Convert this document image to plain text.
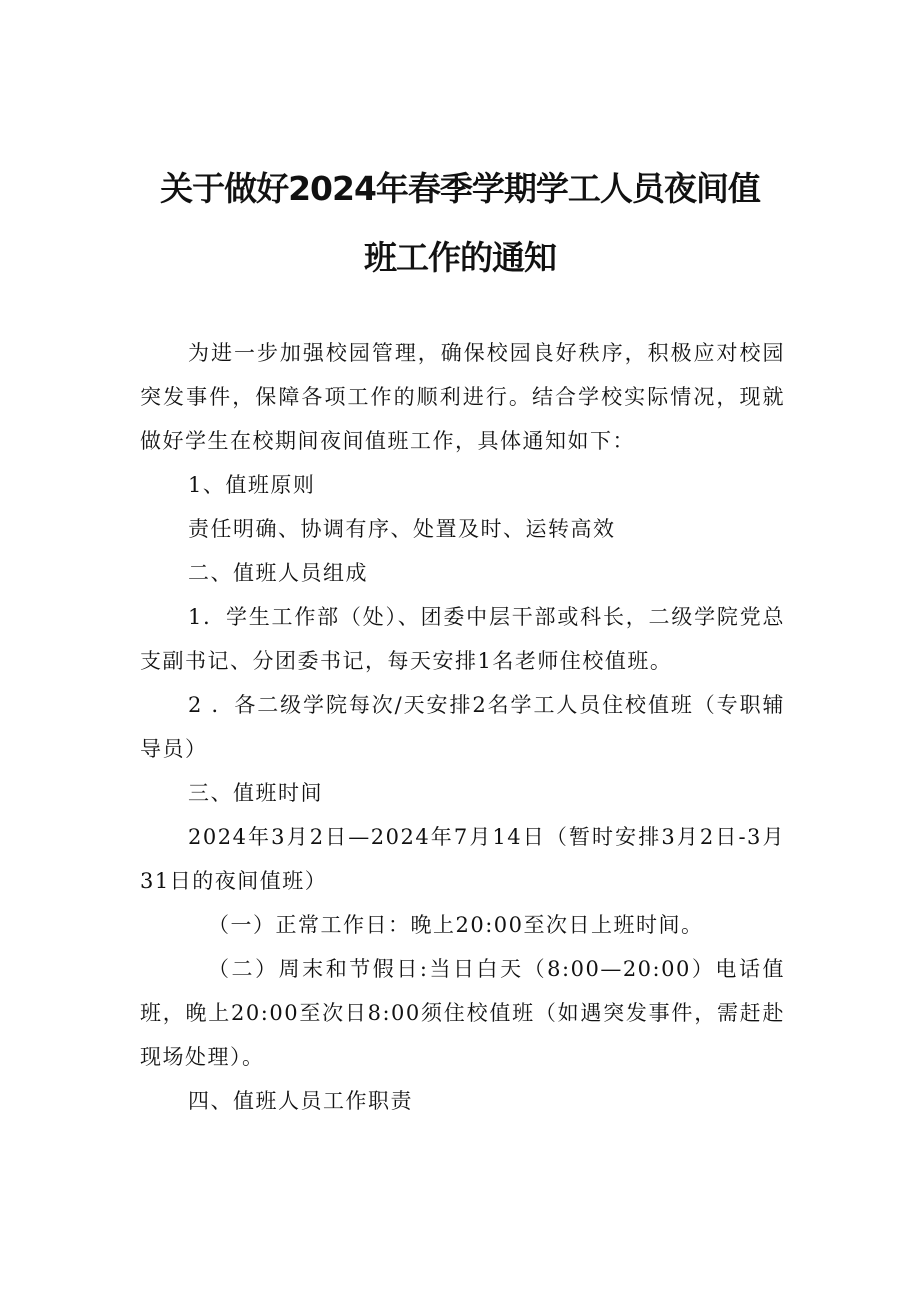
关于做好2024年春季学期学工人员夜间值
班工作的通知

为进一步加强校园管理，确保校园良好秩序，积极应对校园突发事件，保障各项工作的顺利进行。结合学校实际情况，现就做好学生在校期间夜间值班工作，具体通知如下：

1、值班原则

责任明确、协调有序、处置及时、运转高效

二、值班人员组成

1．学生工作部（处）、团委中层干部或科长，二级学院党总支副书记、分团委书记，每天安排1名老师住校值班。

2 ．各二级学院每次/天安排2名学工人员住校值班（专职辅导员）

三、值班时间

2024年3月2日—2024年7月14日（暂时安排3月2日-3月31日的夜间值班）

（一）正常工作日：晚上20:00至次日上班时间。

（二）周末和节假日:当日白天（8:00—20:00）电话值班，晚上20:00至次日8:00须住校值班（如遇突发事件，需赶赴现场处理）。

四、值班人员工作职责
